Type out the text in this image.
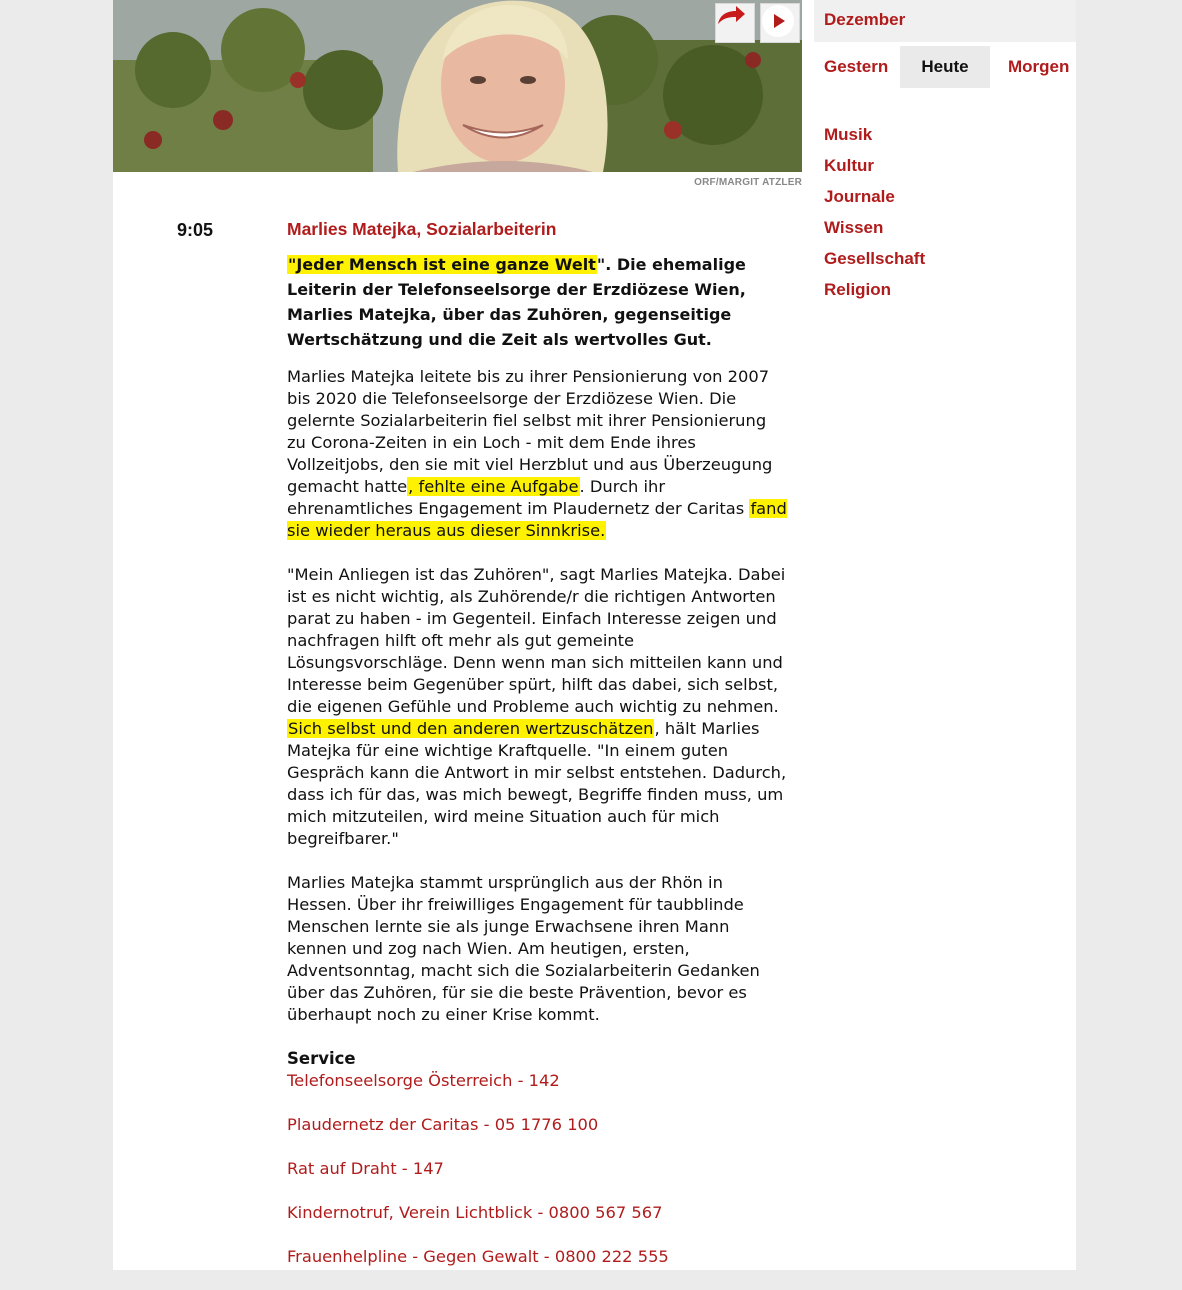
ORF/MARGIT ATZLER
Dezember
Gestern	Heute	Morgen
Musik
Kultur
Journale
Wissen
Gesellschaft
Religion
9:05	Marlies Matejka, Sozialarbeiterin

"Jeder Mensch ist eine ganze Welt". Die ehemalige Leiterin der Telefonseelsorge der Erzdiözese Wien, Marlies Matejka, über das Zuhören, gegenseitige Wertschätzung und die Zeit als wertvolles Gut.

Marlies Matejka leitete bis zu ihrer Pensionierung von 2007 bis 2020 die Telefonseelsorge der Erzdiözese Wien. Die gelernte Sozialarbeiterin fiel selbst mit ihrer Pensionierung zu Corona-Zeiten in ein Loch - mit dem Ende ihres Vollzeitjobs, den sie mit viel Herzblut und aus Überzeugung gemacht hatte, fehlte eine Aufgabe. Durch ihr ehrenamtliches Engagement im Plaudernetz der Caritas fand sie wieder heraus aus dieser Sinnkrise.

"Mein Anliegen ist das Zuhören", sagt Marlies Matejka. Dabei ist es nicht wichtig, als Zuhörende/r die richtigen Antworten parat zu haben - im Gegenteil. Einfach Interesse zeigen und nachfragen hilft oft mehr als gut gemeinte Lösungsvorschläge. Denn wenn man sich mitteilen kann und Interesse beim Gegenüber spürt, hilft das dabei, sich selbst, die eigenen Gefühle und Probleme auch wichtig zu nehmen. Sich selbst und den anderen wertzuschätzen, hält Marlies Matejka für eine wichtige Kraftquelle. "In einem guten Gespräch kann die Antwort in mir selbst entstehen. Dadurch, dass ich für das, was mich bewegt, Begriffe finden muss, um mich mitzuteilen, wird meine Situation auch für mich begreifbarer."

Marlies Matejka stammt ursprünglich aus der Rhön in Hessen. Über ihr freiwilliges Engagement für taubblinde Menschen lernte sie als junge Erwachsene ihren Mann kennen und zog nach Wien. Am heutigen, ersten, Adventsonntag, macht sich die Sozialarbeiterin Gedanken über das Zuhören, für sie die beste Prävention, bevor es überhaupt noch zu einer Krise kommt.

Service
Telefonseelsorge Österreich - 142
Plaudernetz der Caritas - 05 1776 100
Rat auf Draht - 147
Kindernotruf, Verein Lichtblick - 0800 567 567
Frauenhelpline - Gegen Gewalt - 0800 222 555
